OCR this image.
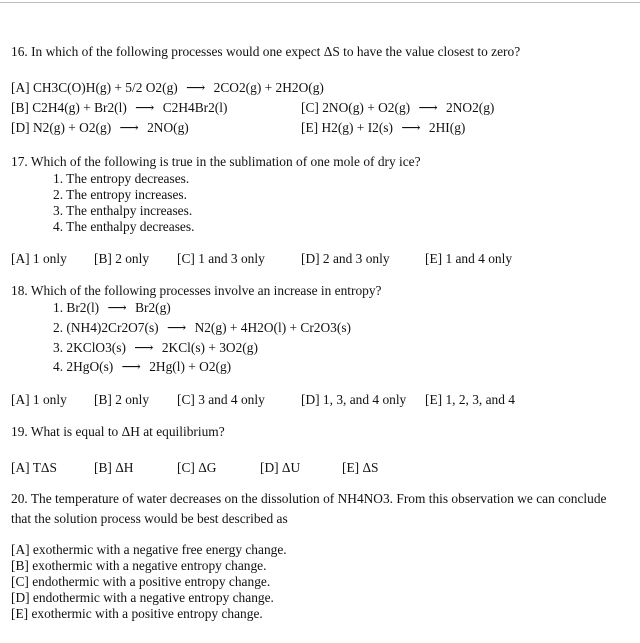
16. In which of the following processes would one expect ΔS to have the value closest to zero?
[A] CH3C(O)H(g) + 5/2 O2(g) ⟶ 2CO2(g) + 2H2O(g)
[B] C2H4(g) + Br2(l) ⟶ C2H4Br2(l)	[C] 2NO(g) + O2(g) ⟶ 2NO2(g)
[D] N2(g) + O2(g) ⟶ 2NO(g)	[E] H2(g) + I2(s) ⟶ 2HI(g)
17. Which of the following is true in the sublimation of one mole of dry ice?
1. The entropy decreases.
2. The entropy increases.
3. The enthalpy increases.
4. The enthalpy decreases.
[A] 1 only [B] 2 only [C] 1 and 3 only	[D] 2 and 3 only	[E] 1 and 4 only
18. Which of the following processes involve an increase in entropy?
1. Br2(l) ⟶ Br2(g)
2. (NH4)2Cr2O7(s) ⟶ N2(g) + 4H2O(l) + Cr2O3(s)
3. 2KClO3(s) ⟶ 2KCl(s) + 3O2(g)
4. 2HgO(s) ⟶ 2Hg(l) + O2(g)
[A] 1 only [B] 2 only [C] 3 and 4 only	[D] 1, 3, and 4 only [E] 1, 2, 3, and 4
19. What is equal to ΔH at equilibrium?
[A] TΔS	[B] ΔH	[C] ΔG	[D] ΔU	[E] ΔS
20. The temperature of water decreases on the dissolution of NH4NO3. From this observation we can conclude
that the solution process would be best described as
[A] exothermic with a negative free energy change.
[B] exothermic with a negative entropy change.
[C] endothermic with a positive entropy change.
[D] endothermic with a negative entropy change.
[E] exothermic with a positive entropy change.
